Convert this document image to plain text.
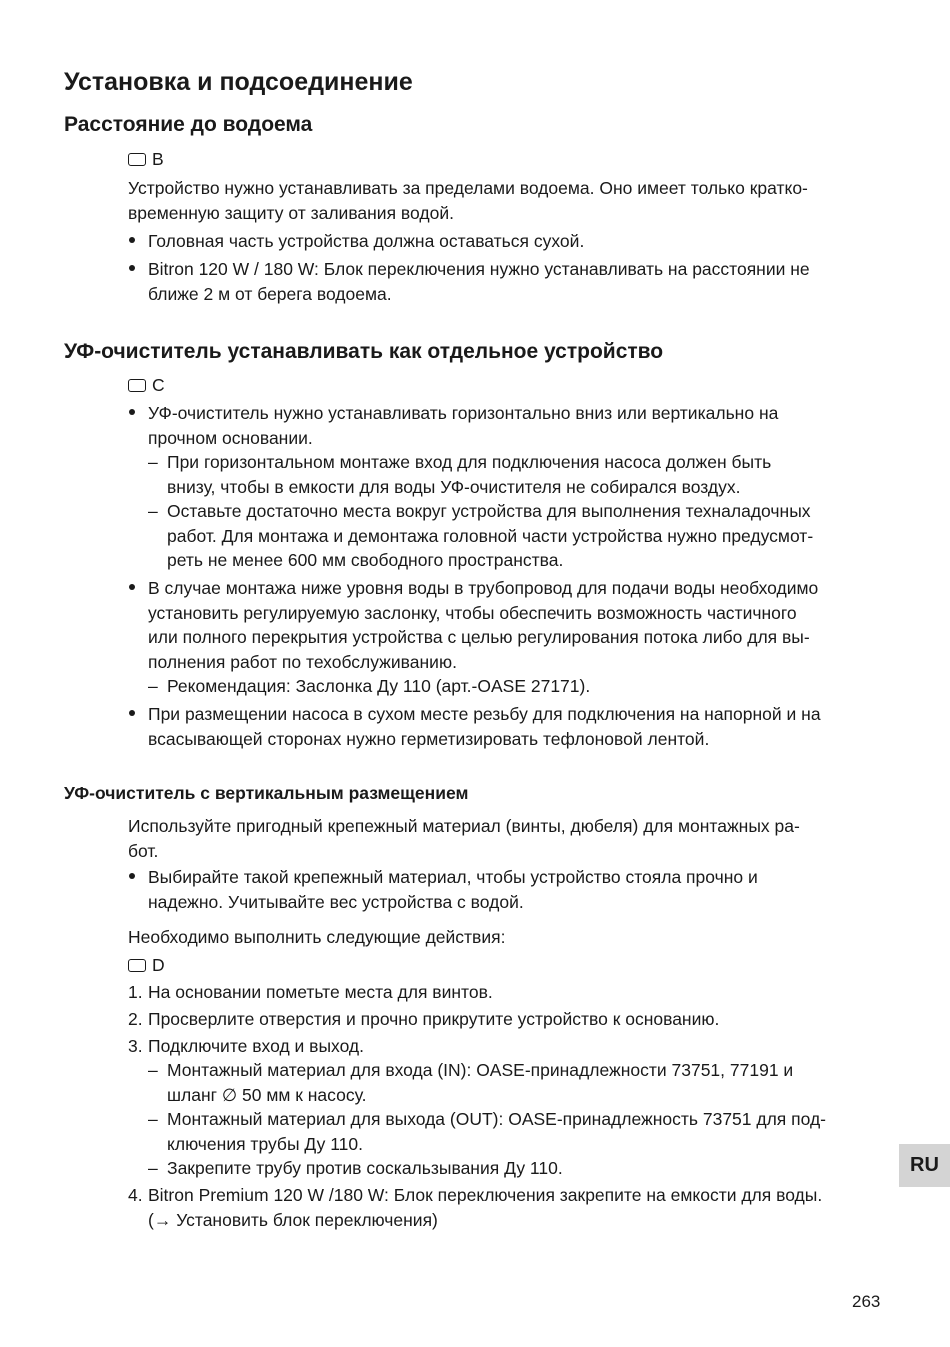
Установка и подсоединение
Расстояние до водоема
B

Устройство нужно устанавливать за пределами водоема. Оно имеет только кратко-
временную защиту от заливания водой.

Головная часть устройства должна оставаться сухой.
Bitron 120 W / 180 W: Блок переключения нужно устанавливать на расстоянии не
ближе 2 м от берега водоема.
УФ-очиститель устанавливать как отдельное устройство
C
УФ-очиститель нужно устанавливать горизонтально вниз или вертикально на
прочном основании.
– При горизонтальном монтаже вход для подключения насоса должен быть
внизу, чтобы в емкости для воды УФ-очистителя не собирался воздух.
– Оставьте достаточно места вокруг устройства для выполнения техналадочных
работ. Для монтажа и демонтажа головной части устройства нужно предусмот-
реть не менее 600 мм свободного пространства.
В случае монтажа ниже уровня воды в трубопровод для подачи воды необходимо
установить регулируемую заслонку, чтобы обеспечить возможность частичного
или полного перекрытия устройства с целью регулирования потока либо для вы-
полнения работ по техобслуживанию.
– Рекомендация: Заслонка Ду 110 (арт.-OASE 27171).
При размещении насоса в сухом месте резьбу для подключения на напорной и на
всасывающей сторонах нужно герметизировать тефлоновой лентой.
УФ-очиститель с вертикальным размещением

Используйте пригодный крепежный материал (винты, дюбеля) для монтажных ра-
бот.

Выбирайте такой крепежный материал, чтобы устройство стояла прочно и
надежно. Учитывайте вес устройства с водой.

Необходимо выполнить следующие действия:

D
1. На основании пометьте места для винтов.
2. Просверлите отверстия и прочно прикрутите устройство к основанию.
3. Подключите вход и выход.
– Монтажный материал для входа (IN): OASE-принадлежности 73751, 77191 и
шланг ∅ 50 мм к насосу.
– Монтажный материал для выхода (OUT): OASE-принадлежность 73751 для под-
ключения трубы Ду 110.
– Закрепите трубу против соскальзывания Ду 110.
4. Bitron Premium 120 W /180 W: Блок переключения закрепите на емкости для воды.
(→ Установить блок переключения)
RU
263
